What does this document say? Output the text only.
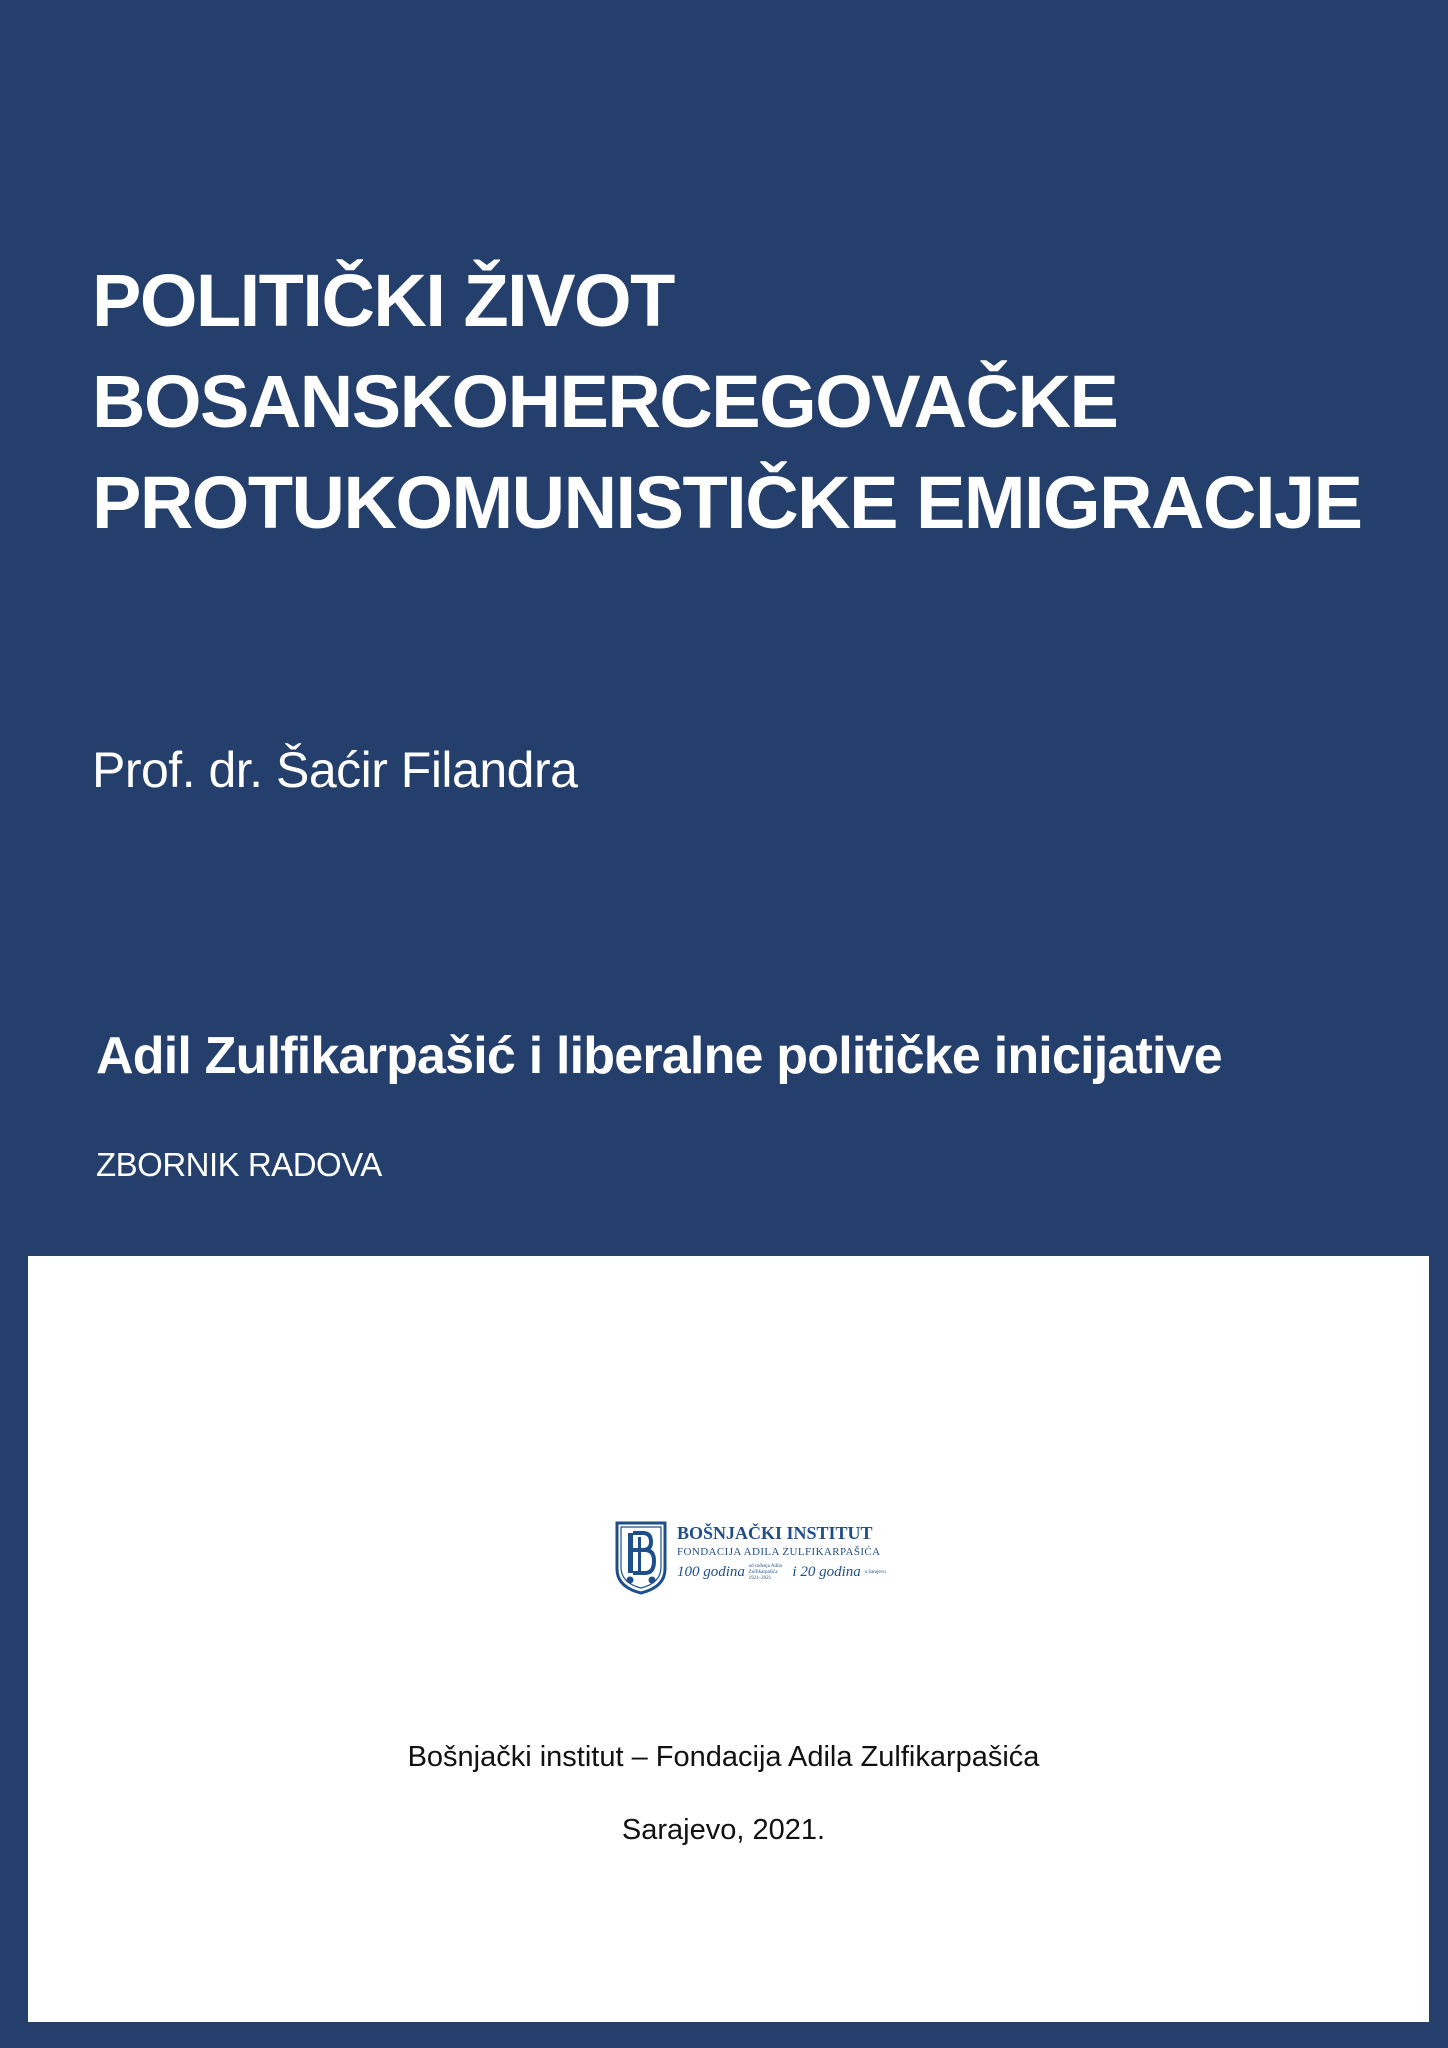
POLITIČKI ŽIVOT
BOSANSKOHERCEGOVAČKE
PROTUKOMUNISTIČKE EMIGRACIJE
Prof. dr. Šaćir Filandra
Adil Zulfikarpašić i liberalne političke inicijative
ZBORNIK RADOVA
BOŠNJAČKI INSTITUT
FONDACIJA ADILA ZULFIKARPAŠIĆA
100 godina od rođenja Adila Zulfikarpašića 1921–2021 i 20 godina u Sarajevu
Bošnjački institut – Fondacija Adila Zulfikarpašića
Sarajevo, 2021.
